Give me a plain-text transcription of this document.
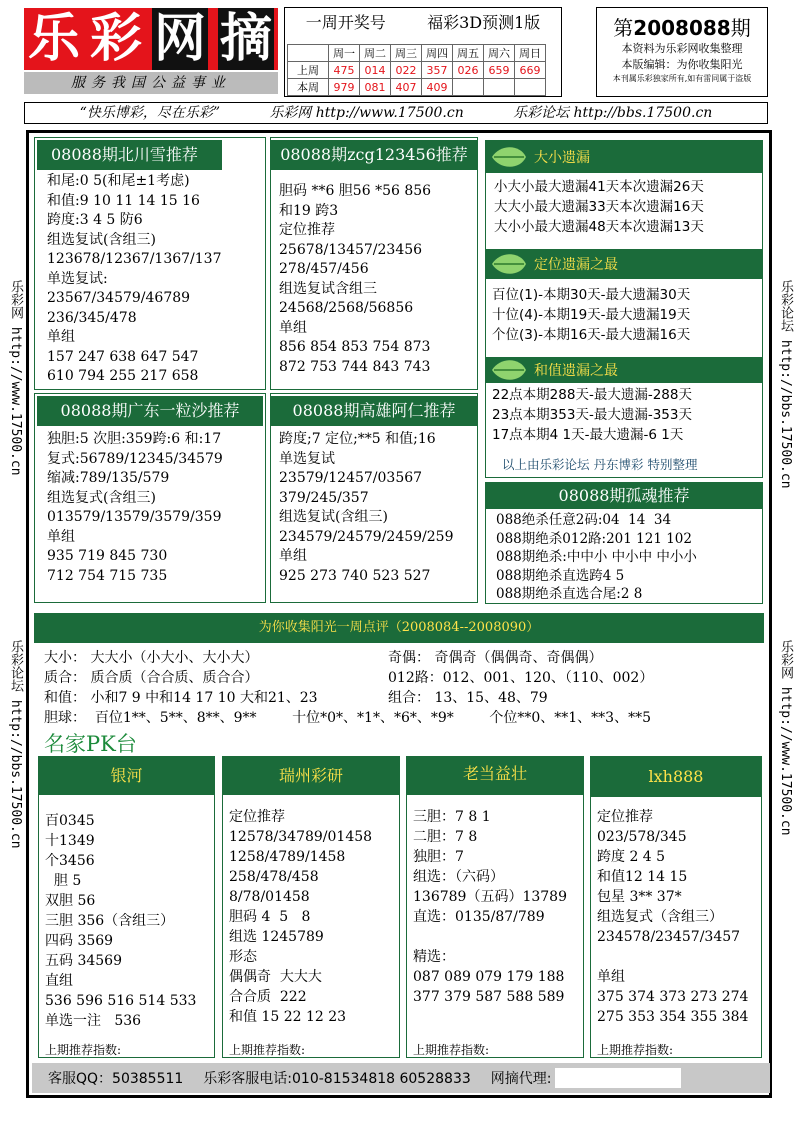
乐 彩 网 摘
服务我国公益事业
一周开奖号	福彩3D预测1版
	周一	周二	周三	周四	周五	周六	周日
上周	475	014	022	357	026	659	669
本周	979	081	407	409			
第2008088期
本资料为乐彩网收集整理
本版编辑：为你收集阳光
本刊属乐彩独家所有,如有雷同属于盗版
“快乐博彩，尽在乐彩”	乐彩网 http://www.17500.cn	乐彩论坛 http://bbs.17500.cn
乐彩网 http://www.17500.cn
乐彩论坛 http://bbs.17500.cn
乐彩论坛 http://bbs.17500.cn
乐彩网 http://www.17500.cn
08088期北川雪推荐
和尾:0 5(和尾±1考虑)
和值:9 10 11 14 15 16
跨度:3 4 5 防6
组选复试(含组三)
123678/12367/1367/137
单选复试:
23567/34579/46789
236/345/478
单组
157 247 638 647 547
610 794 255 217 658
08088期zcg123456推荐
胆码 **6 胆56 *56 856
和19 跨3
定位推荐
25678/13457/23456
278/457/456
组选复试含组三
24568/2568/56856
单组
856 854 853 754 873
872 753 744 843 743
08088期广东一粒沙推荐
独胆:5 次胆:359跨:6 和:17
复式:56789/12345/34579
缩减:789/135/579
组选复式(含组三)
013579/13579/3579/359
单组
935 719 845 730
712 754 715 735
08088期高雄阿仁推荐
跨度;7 定位;**5 和值;16
单选复试
23579/12457/03567
379/245/357
组选复试(含组三)
234579/24579/2459/259
单组
925 273 740 523 527
大小遗漏
小大小最大遗漏41天本次遗漏26天
大大小最大遗漏33天本次遗漏16天
大小小最大遗漏48天本次遗漏13天
定位遗漏之最
百位(1)-本期30天-最大遗漏30天
十位(4)-本期19天-最大遗漏19天
个位(3)-本期16天-最大遗漏16天
和值遗漏之最
22点本期288天-最大遗漏-288天
23点本期353天-最大遗漏-353天
17点本期4 1天-最大遗漏-6 1天
以上由乐彩论坛 丹东博彩 特别整理
08088期孤魂推荐
088绝杀任意2码:04  14  34
088期绝杀012路:201 121 102
088期绝杀:中中小 中小中 中小小
088期绝杀直选跨4 5
088期绝杀直选合尾:2 8
为你收集阳光一周点评（2008084--2008090）
大小： 大大小（小大小、大小大）	奇偶： 奇偶奇（偶偶奇、奇偶偶）
质合： 质合质（合合质、质合合）	012路：012、001、120、（110、002）
和值： 小和7 9 中和14 17 10 大和21、23	组合： 13、15、48、79
胆球：  百位1**、5**、8**、9**        十位*0*、*1*、*6*、*9*        个位**0、**1、**3、**5
名家PK台
银河
百0345
十1349
个3456
胆 5
双胆 56
三胆 356（含组三）
四码 3569
五码 34569
直组
536 596 516 514 533
单选一注   536
上期推荐指数:
瑞州彩研
定位推荐
12578/34789/01458
1258/4789/1458
258/478/458
8/78/01458
胆码 4  5   8
组选 1245789
形态
偶偶奇  大大大
合合质  222
和值 15 22 12 23
上期推荐指数:
老当益壮
三胆：7 8 1
二胆：7 8
独胆：7
组选：（六码）
136789（五码）13789
直选：0135/87/789

精选：
087 089 079 179 188
377 379 587 588 589
上期推荐指数:
lxh888
定位推荐
023/578/345
跨度 2 4 5
和值12 14 15
包星 3** 37*
组选复式（含组三）
234578/23457/3457

单组
375 374 373 273 274
275 353 354 355 384
上期推荐指数:
客服QQ：50385511 乐彩客服电话:010-81534818 60528833 网摘代理:
